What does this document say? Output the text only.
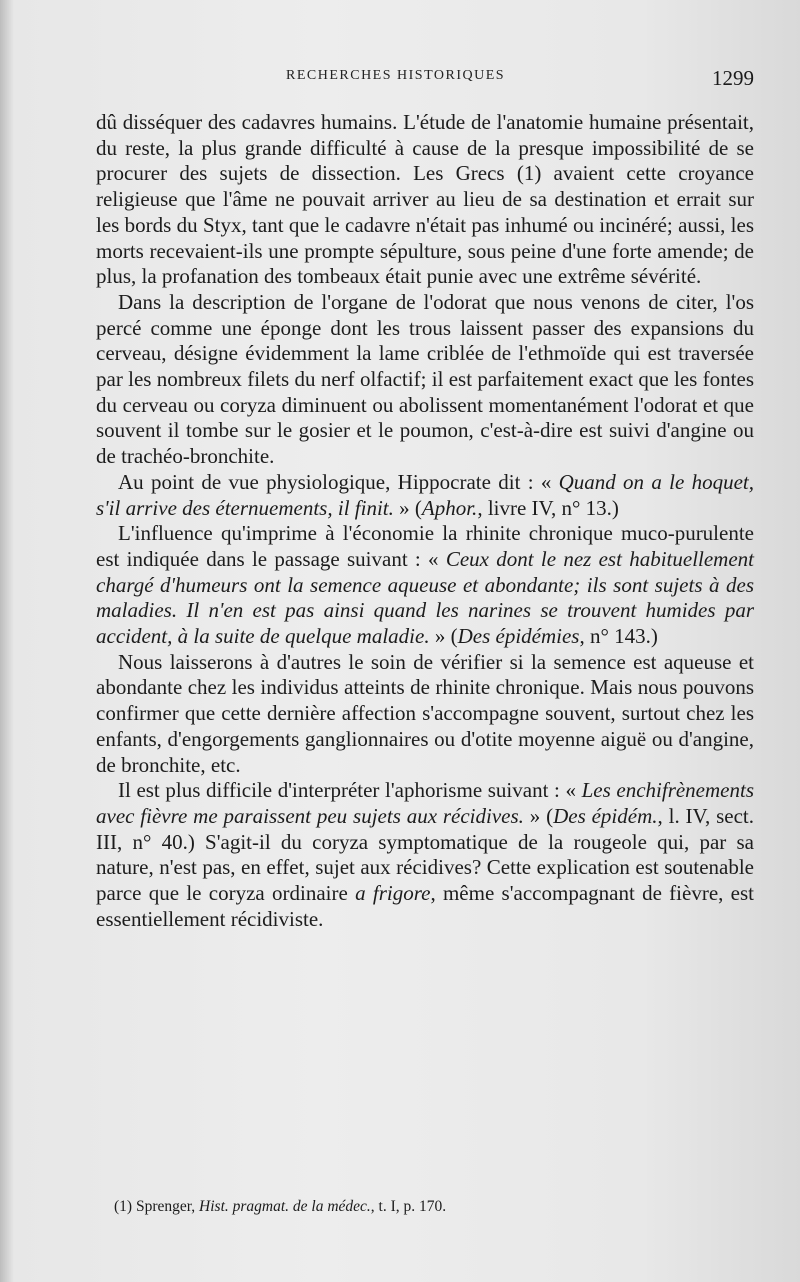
RECHERCHES HISTORIQUES	1299

dû disséquer des cadavres humains. L'étude de l'anatomie humaine présentait, du reste, la plus grande difficulté à cause de la presque impossibilité de se procurer des sujets de dissection. Les Grecs (1) avaient cette croyance religieuse que l'âme ne pouvait arriver au lieu de sa destination et errait sur les bords du Styx, tant que le cadavre n'était pas inhumé ou incinéré; aussi, les morts recevaient-ils une prompte sépulture, sous peine d'une forte amende; de plus, la profanation des tombeaux était punie avec une extrême sévérité.

Dans la description de l'organe de l'odorat que nous venons de citer, l'os percé comme une éponge dont les trous laissent passer des expansions du cerveau, désigne évidemment la lame criblée de l'ethmoïde qui est traversée par les nombreux filets du nerf olfactif; il est parfaitement exact que les fontes du cerveau ou coryza diminuent ou abolissent momentanément l'odorat et que souvent il tombe sur le gosier et le poumon, c'est-à-dire est suivi d'angine ou de trachéo-bronchite.

Au point de vue physiologique, Hippocrate dit : « Quand on a le hoquet, s'il arrive des éternuements, il finit. » (Aphor., livre IV, n° 13.)

L'influence qu'imprime à l'économie la rhinite chronique muco-purulente est indiquée dans le passage suivant : « Ceux dont le nez est habituellement chargé d'humeurs ont la semence aqueuse et abondante; ils sont sujets à des maladies. Il n'en est pas ainsi quand les narines se trouvent humides par accident, à la suite de quelque maladie. » (Des épidémies, n° 143.)

Nous laisserons à d'autres le soin de vérifier si la semence est aqueuse et abondante chez les individus atteints de rhinite chronique. Mais nous pouvons confirmer que cette dernière affection s'accompagne souvent, surtout chez les enfants, d'engorgements ganglionnaires ou d'otite moyenne aiguë ou d'angine, de bronchite, etc.

Il est plus difficile d'interpréter l'aphorisme suivant : « Les enchifrènements avec fièvre me paraissent peu sujets aux récidives. » (Des épidém., l. IV, sect. III, n° 40.) S'agit-il du coryza symptomatique de la rougeole qui, par sa nature, n'est pas, en effet, sujet aux récidives? Cette explication est soutenable parce que le coryza ordinaire a frigore, même s'accompagnant de fièvre, est essentiellement récidiviste.

(1) Sprenger, Hist. pragmat. de la médec., t. I, p. 170.
